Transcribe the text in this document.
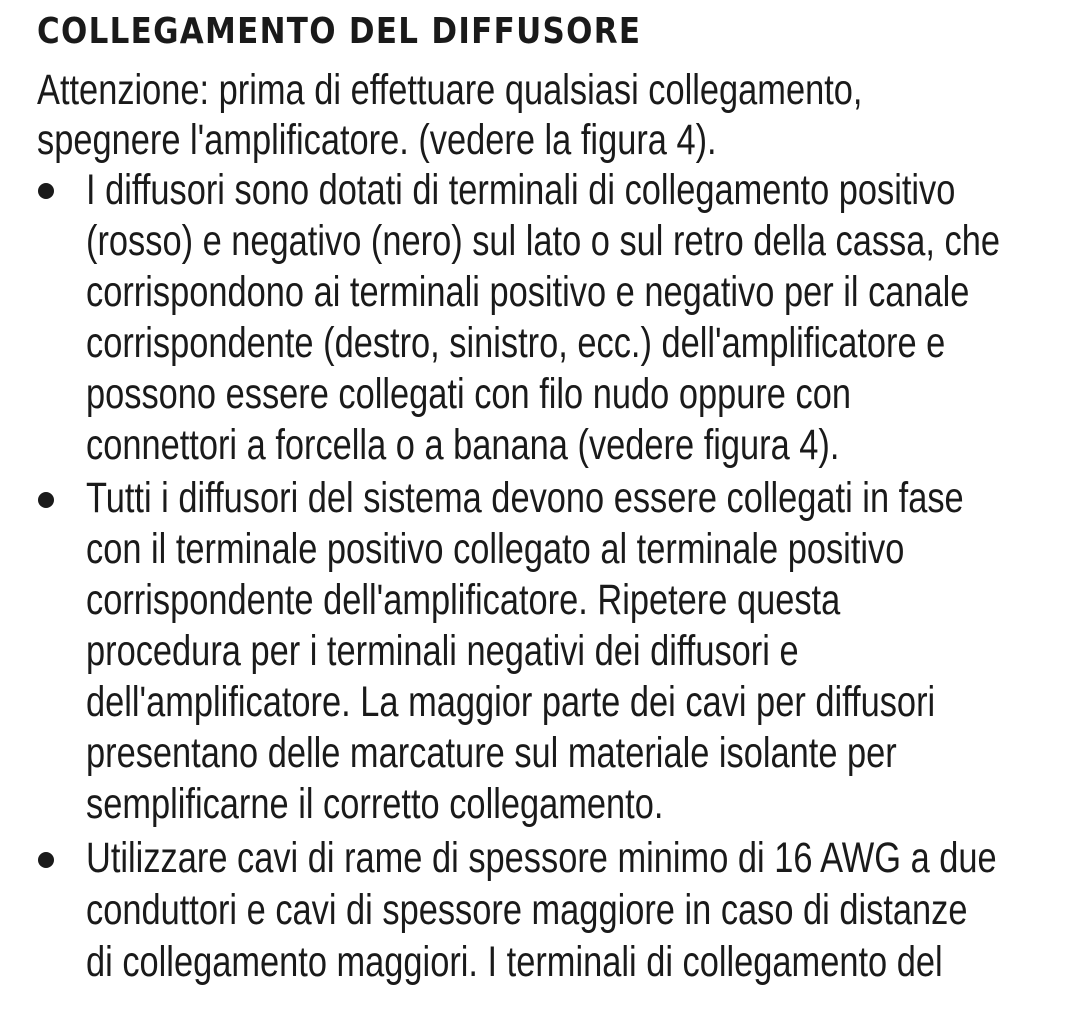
COLLEGAMENTO DEL DIFFUSORE

Attenzione: prima di effettuare qualsiasi collegamento,

spegnere l'amplificatore. (vedere la figura 4).

I diffusori sono dotati di terminali di collegamento positivo

(rosso) e negativo (nero) sul lato o sul retro della cassa, che

corrispondono ai terminali positivo e negativo per il canale

corrispondente (destro, sinistro, ecc.) dell'amplificatore e

possono essere collegati con filo nudo oppure con

connettori a forcella o a banana (vedere figura 4).

Tutti i diffusori del sistema devono essere collegati in fase

con il terminale positivo collegato al terminale positivo

corrispondente dell'amplificatore. Ripetere questa

procedura per i terminali negativi dei diffusori e

dell'amplificatore. La maggior parte dei cavi per diffusori

presentano delle marcature sul materiale isolante per

semplificarne il corretto collegamento.

Utilizzare cavi di rame di spessore minimo di 16 AWG a due

conduttori e cavi di spessore maggiore in caso di distanze

di collegamento maggiori. I terminali di collegamento del
